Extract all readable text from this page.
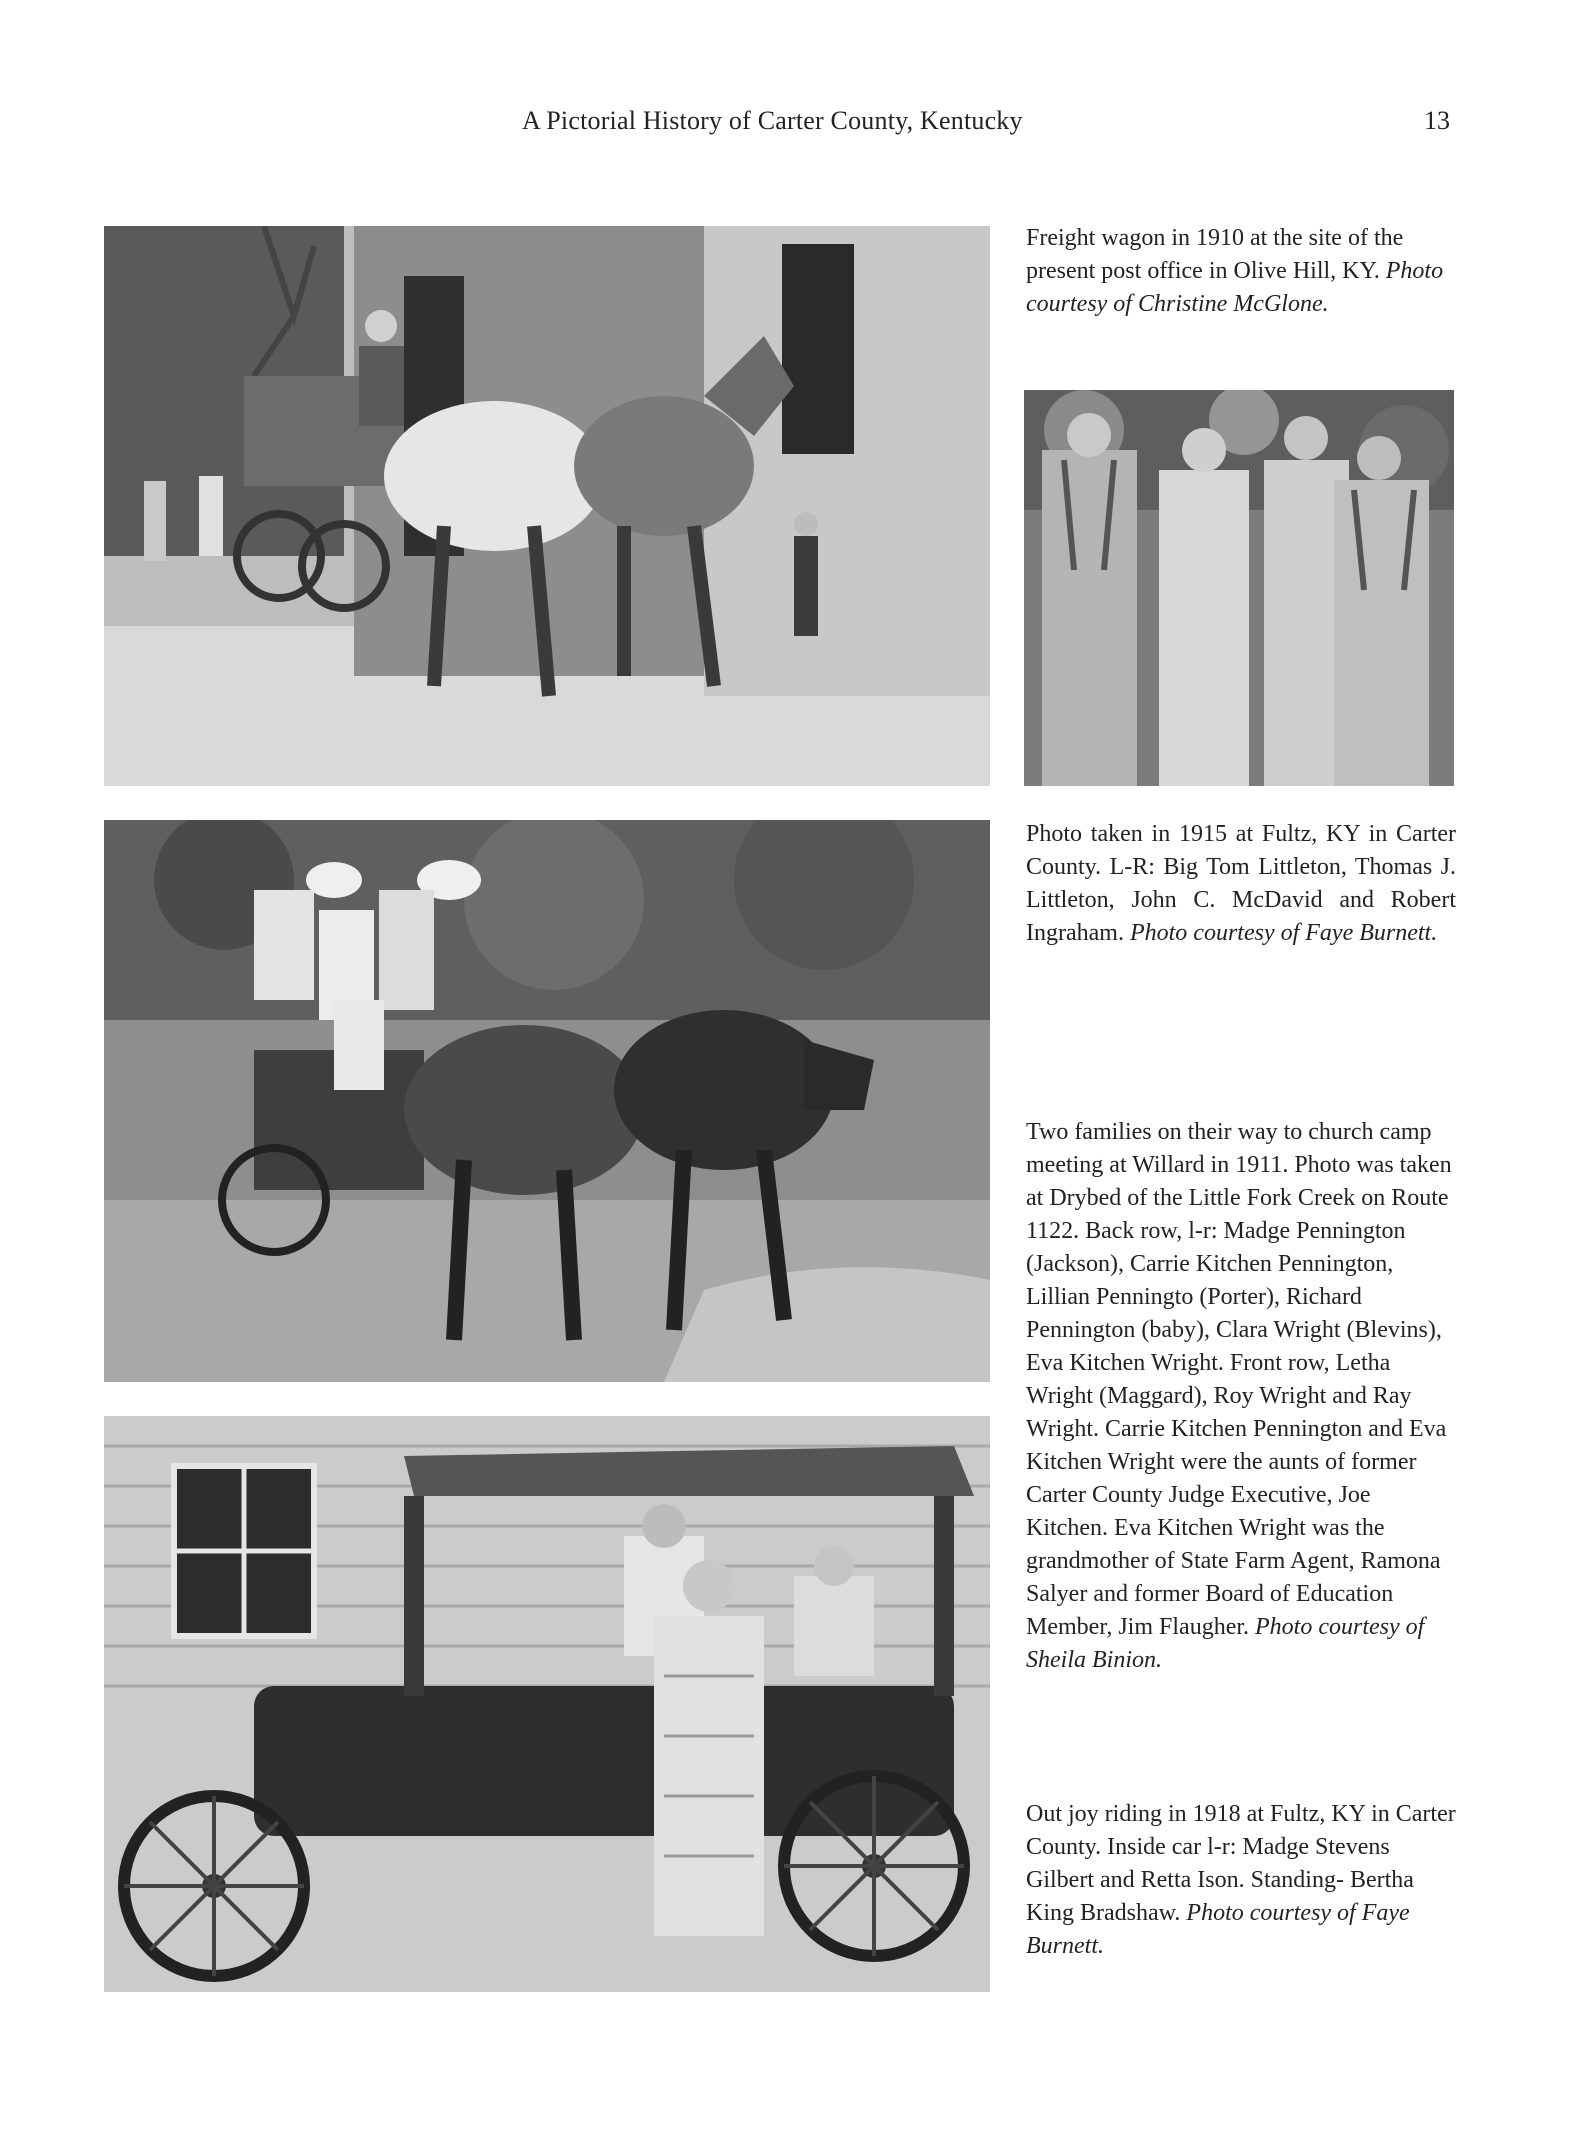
A Pictorial History of Carter County, Kentucky	13
Freight wagon in 1910 at the site of the present post office in Olive Hill, KY. Photo courtesy of Christine McGlone.
Photo taken in 1915 at Fultz, KY in Carter County. L-R: Big Tom Littleton, Thomas J. Littleton, John C. McDavid and Robert Ingraham. Photo courtesy of Faye Burnett.
Two families on their way to church camp meeting at Willard in 1911. Photo was taken at Drybed of the Little Fork Creek on Route 1122. Back row, l-r: Madge Pennington (Jackson), Carrie Kitchen Pennington, Lillian Penningto (Porter), Richard Pennington (baby), Clara Wright (Blevins), Eva Kitchen Wright. Front row, Letha Wright (Maggard), Roy Wright and Ray Wright. Carrie Kitchen Pennington and Eva Kitchen Wright were the aunts of former Carter County Judge Executive, Joe Kitchen. Eva Kitchen Wright was the grandmother of State Farm Agent, Ramona Salyer and former Board of Education Member, Jim Flaugher. Photo courtesy of Sheila Binion.
Out joy riding in 1918 at Fultz, KY in Carter County. Inside car l-r: Madge Stevens Gilbert and Retta Ison. Standing- Bertha King Bradshaw. Photo courtesy of Faye Burnett.
